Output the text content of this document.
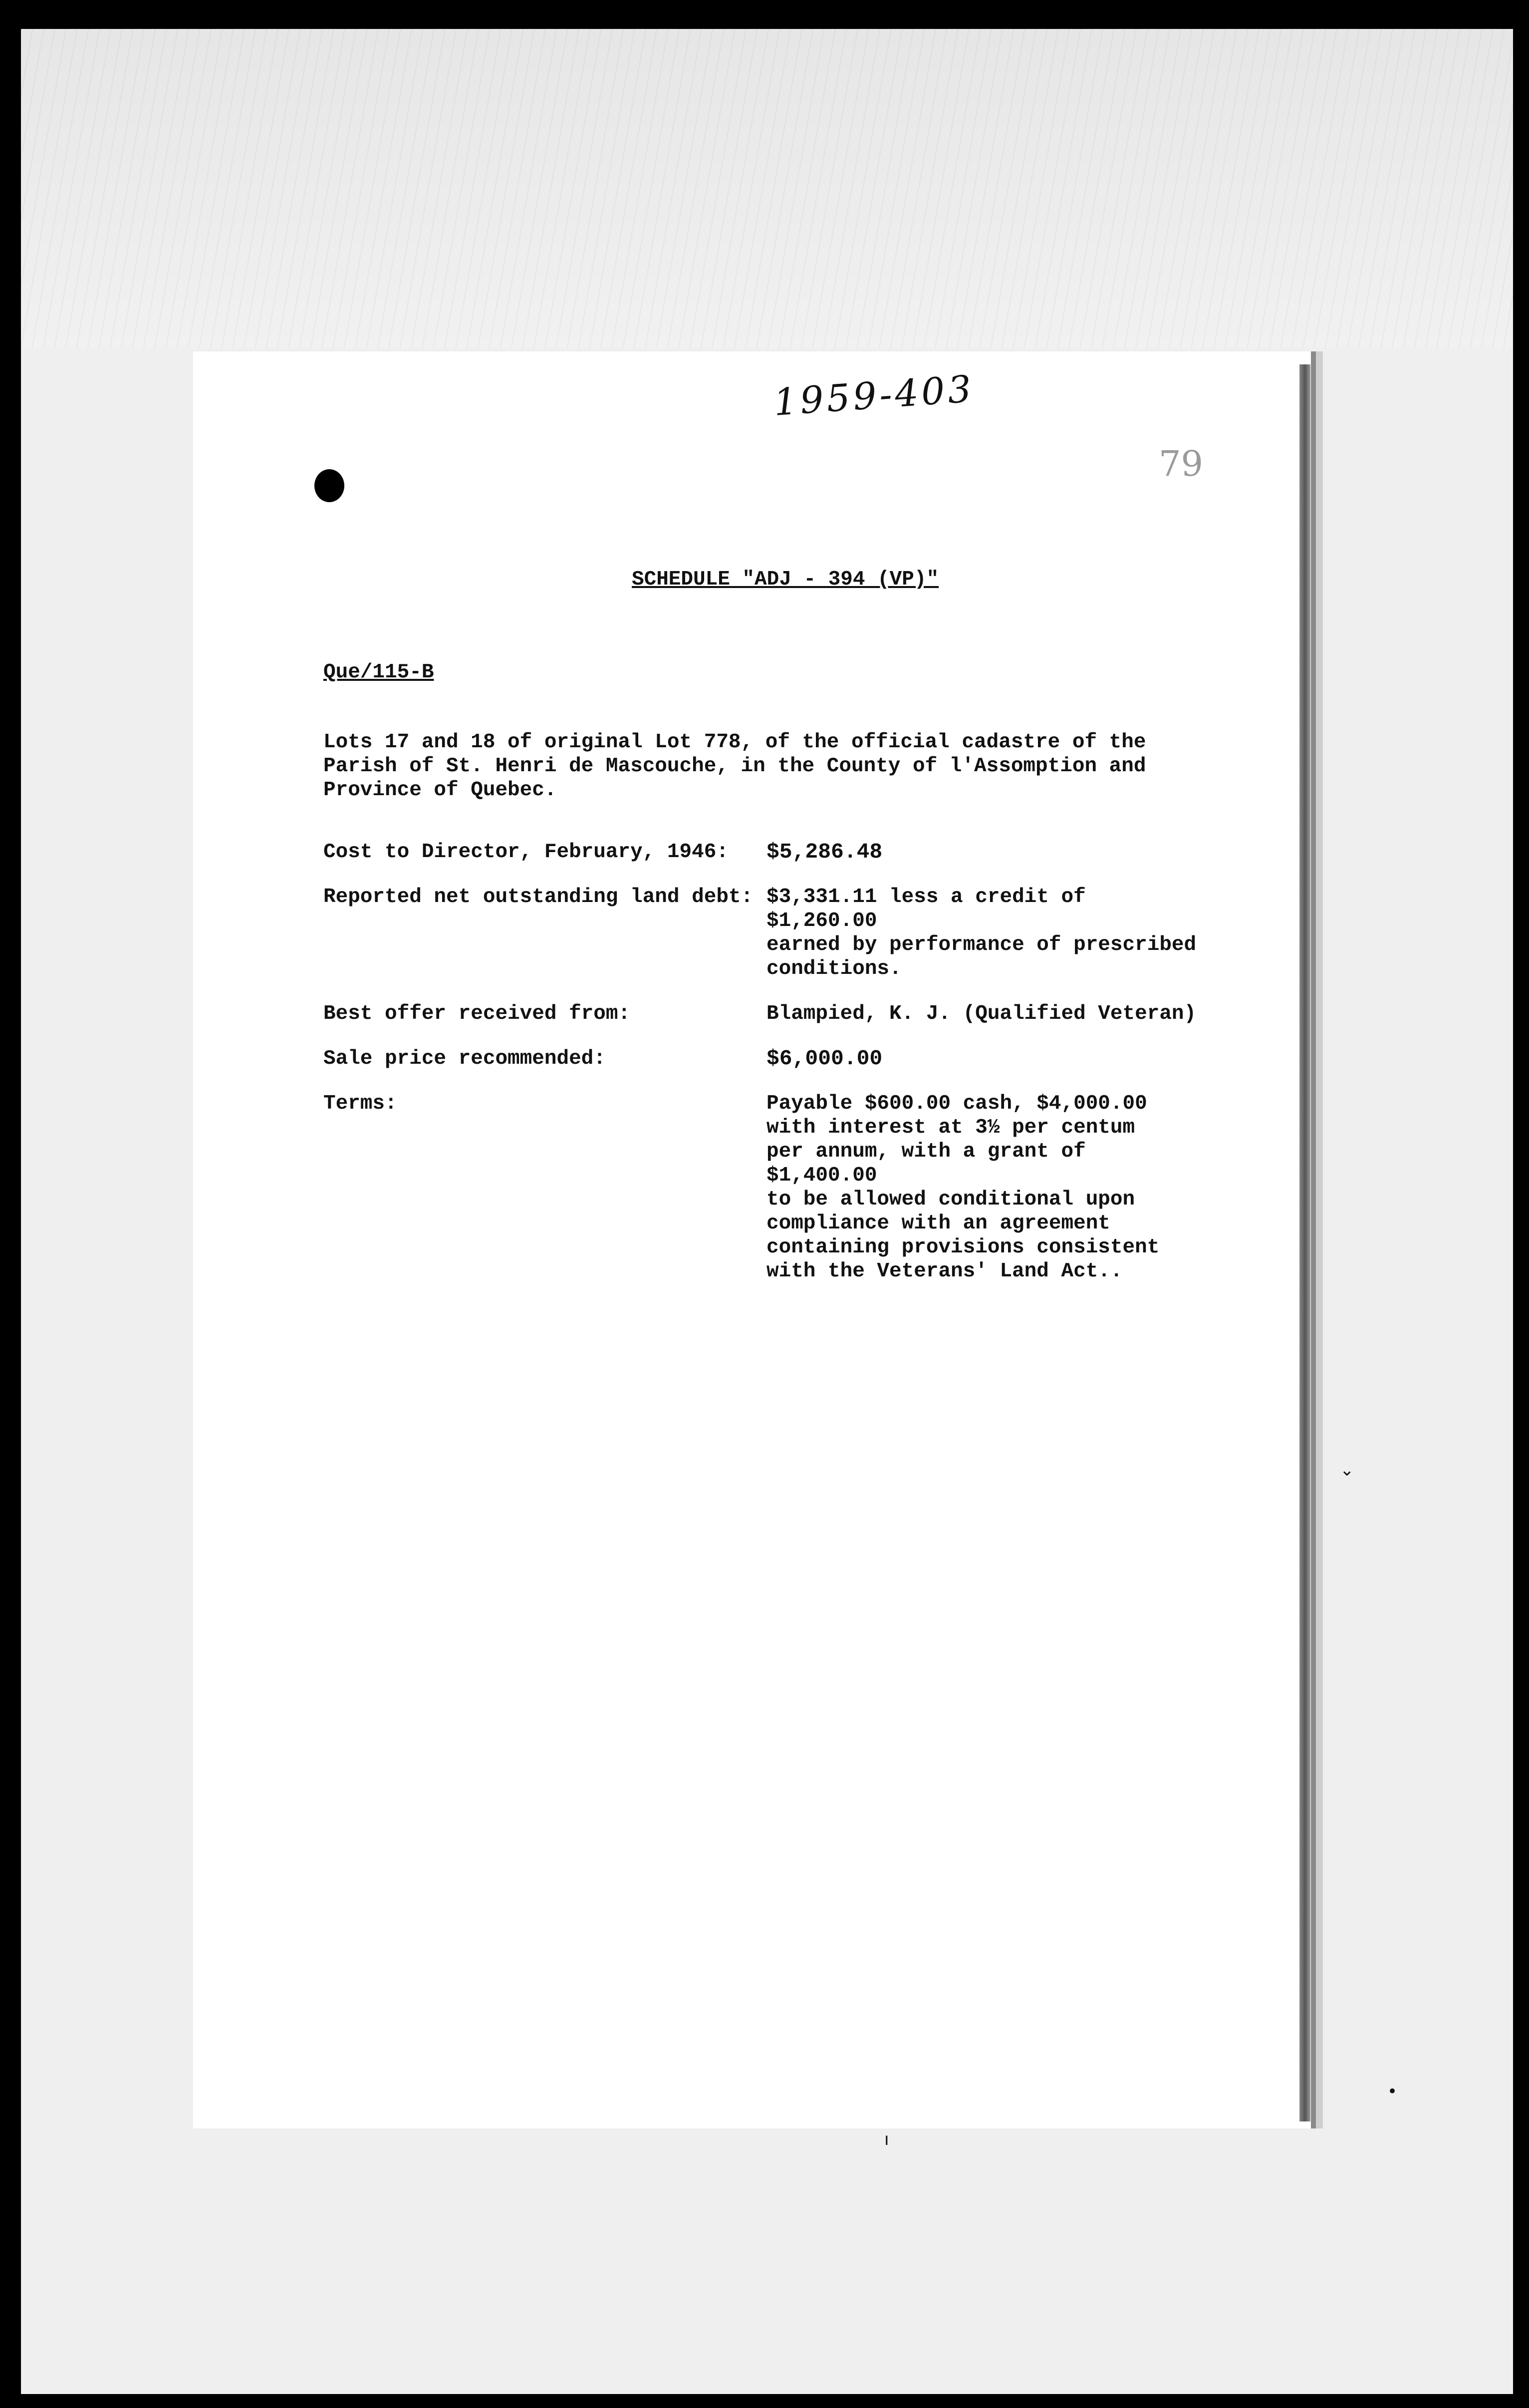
1959-403
79
SCHEDULE "ADJ - 394 (VP)"
Que/115-B
Lots 17 and 18 of original Lot 778, of the official cadastre of the
Parish of St. Henri de Mascouche, in the County of l'Assomption and
Province of Quebec.
Cost to Director, February, 1946:	$5,286.48
Reported net outstanding land debt: $3,331.11 less a credit of $1,260.00
earned by performance of prescribed
conditions.
Best offer received from:	Blampied, K. J. (Qualified Veteran)
Sale price recommended:	$6,000.00
Terms:	Payable $600.00 cash, $4,000.00
with interest at 3½ per centum
per annum, with a grant of $1,400.00
to be allowed conditional upon
compliance with an agreement
containing provisions consistent
with the Veterans' Land Act..
⌄
•
ı
